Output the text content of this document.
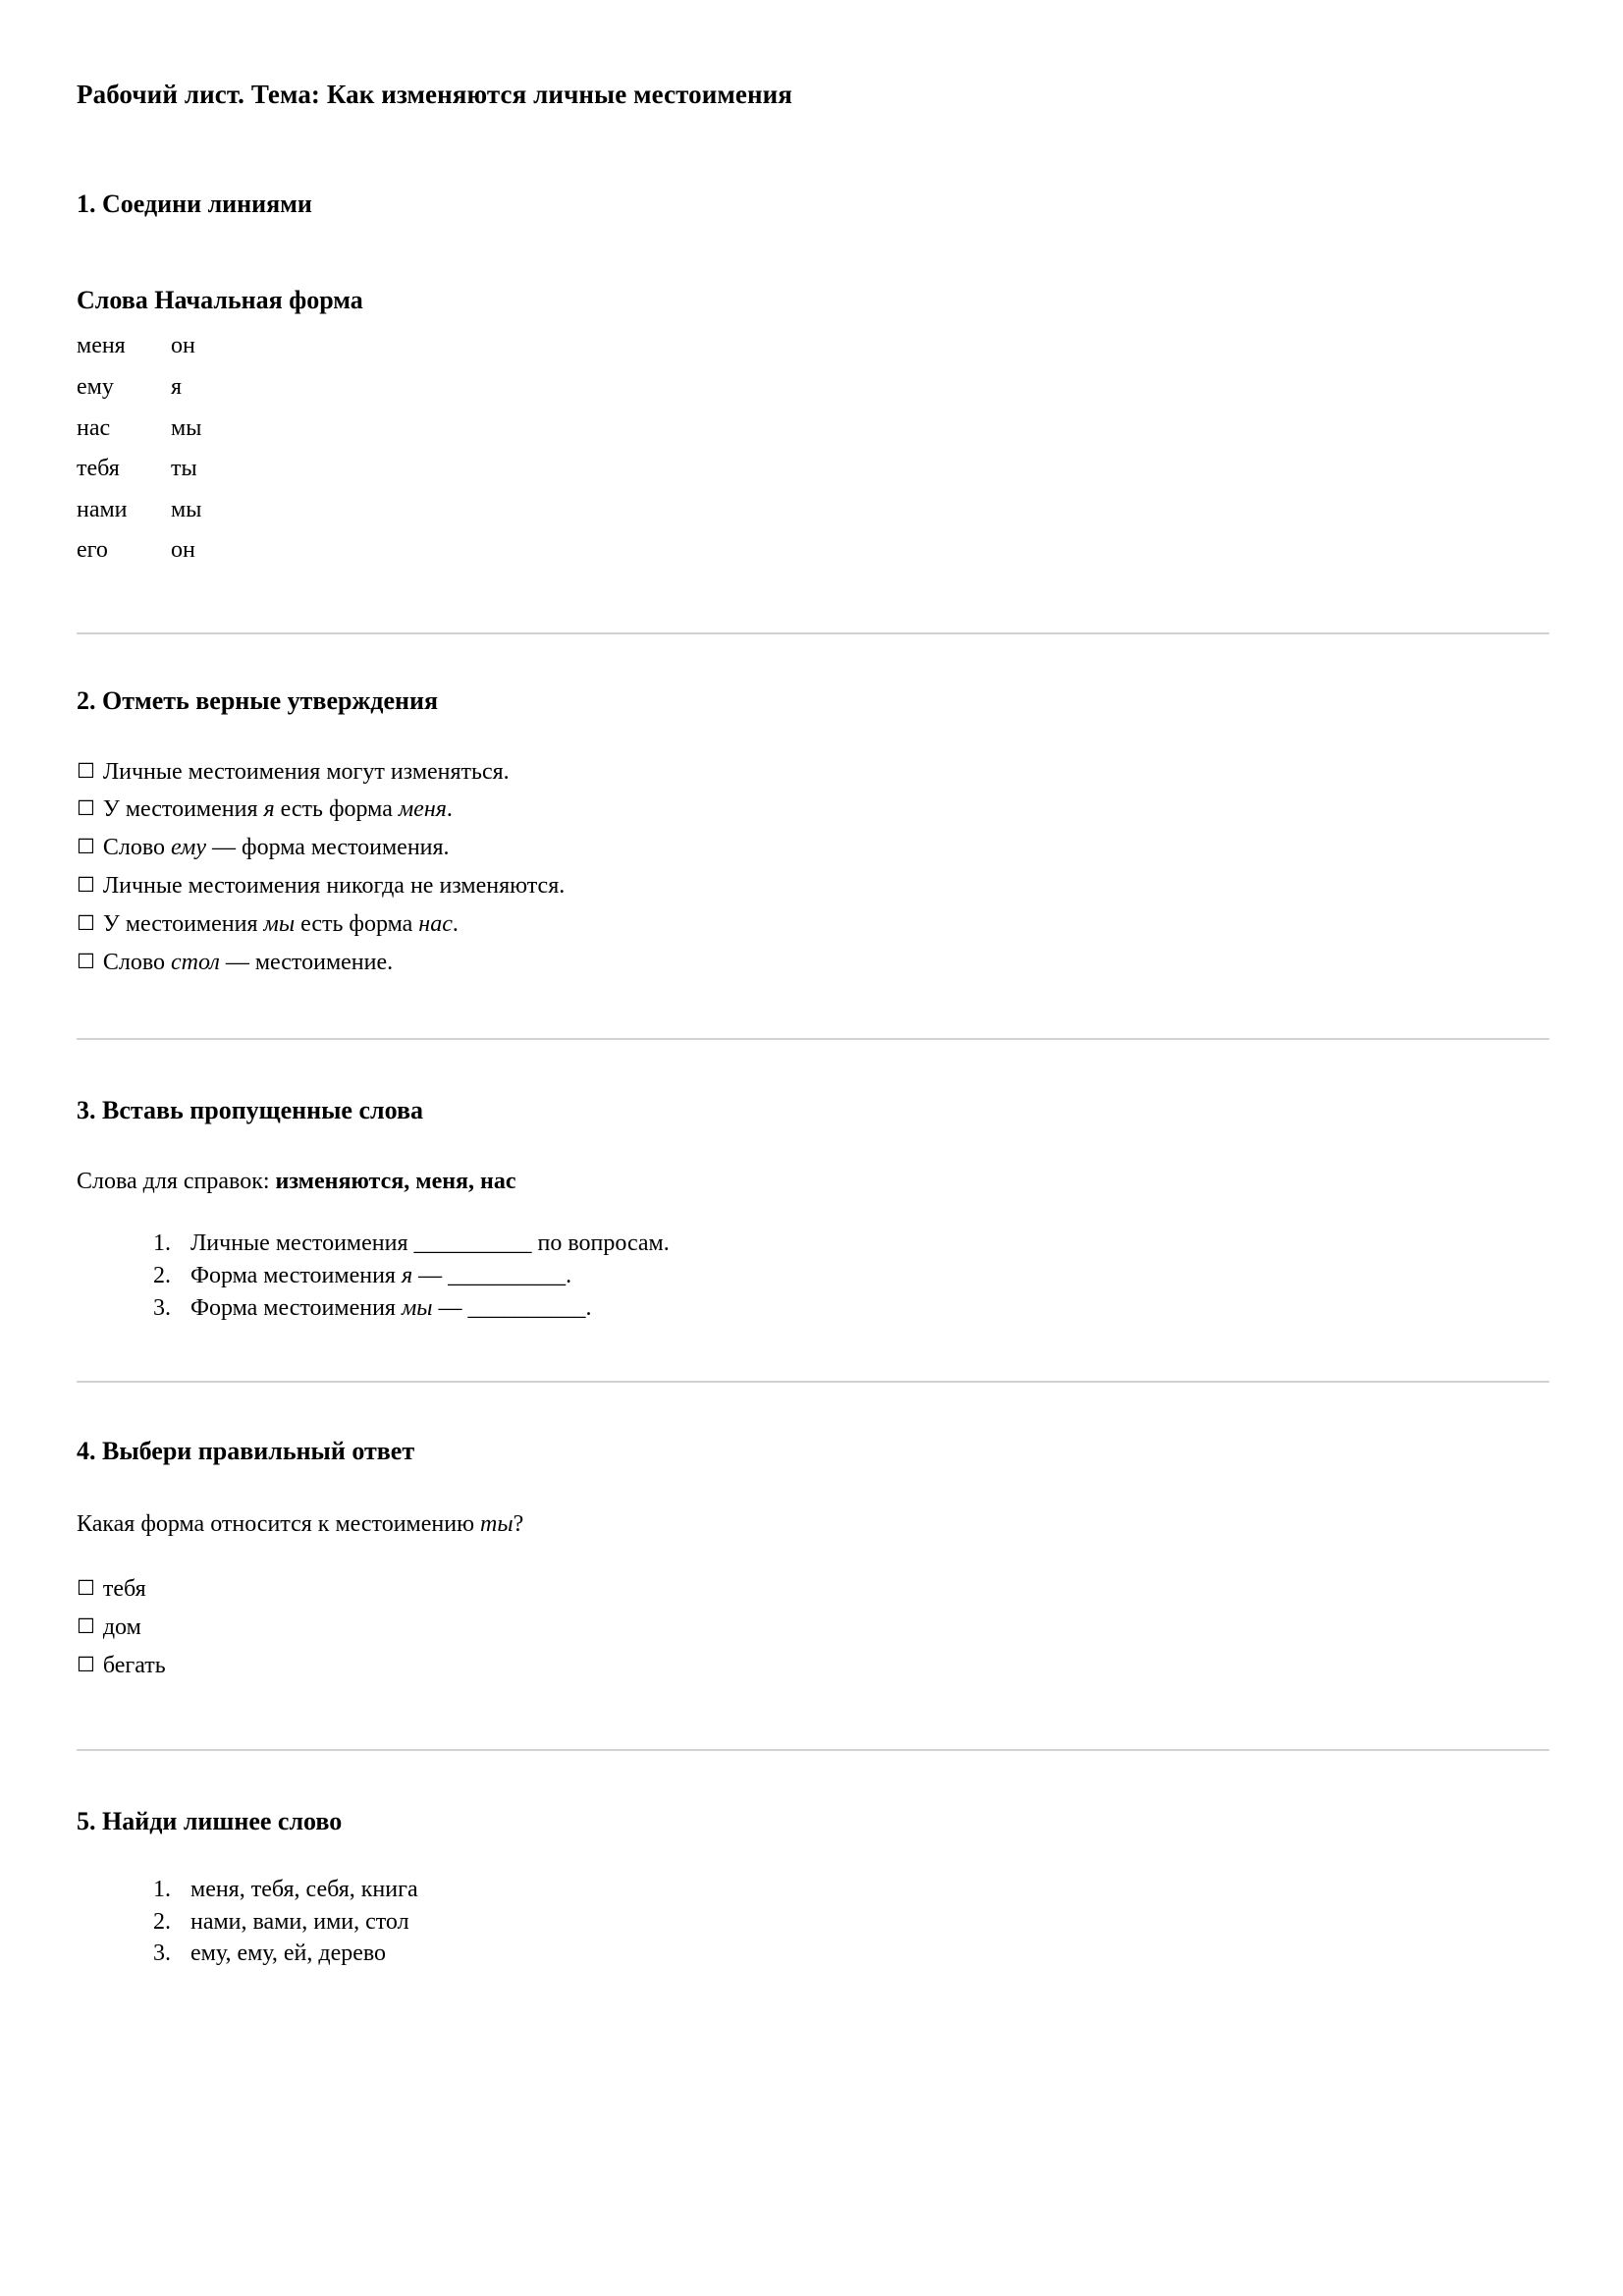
Рабочий лист. Тема: Как изменяются личные местоимения
1. Соедини линиями
Слова Начальная форма
меня	он
ему	я
нас	мы
тебя	ты
нами	мы
его	он
2. Отметь верные утверждения
☐ Личные местоимения могут изменяться.
☐ У местоимения я есть форма меня.
☐ Слово ему — форма местоимения.
☐ Личные местоимения никогда не изменяются.
☐ У местоимения мы есть форма нас.
☐ Слово стол — местоимение.
3. Вставь пропущенные слова

Слова для справок: изменяются, меня, нас

1. Личные местоимения __________ по вопросам.
2. Форма местоимения я — __________.
3. Форма местоимения мы — __________.
4. Выбери правильный ответ

Какая форма относится к местоимению ты?

☐ тебя
☐ дом
☐ бегать
5. Найди лишнее слово
1. меня, тебя, себя, книга
2. нами, вами, ими, стол
3. ему, ему, ей, дерево
